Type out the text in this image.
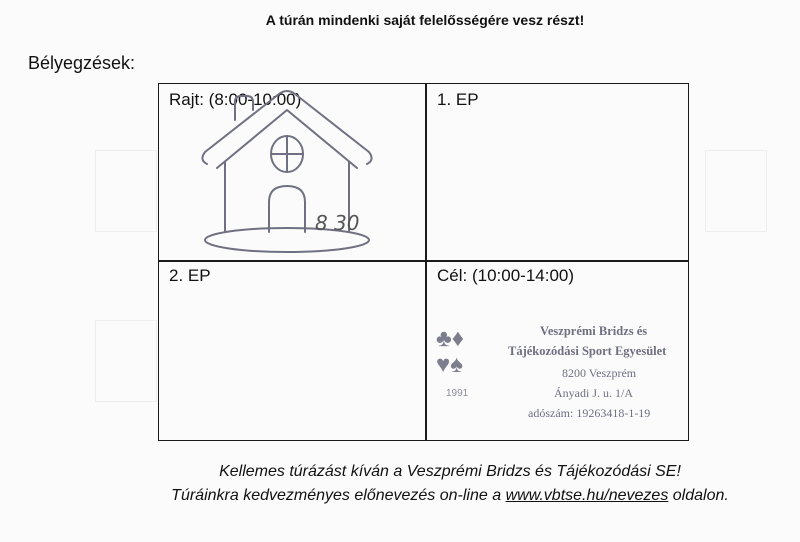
A túrán mindenki saját felelősségére vesz részt!
Bélyegzések:
Rajt: (8:00-10:00)
8 30
1. EP
2. EP	Cél: (10:00-14:00)
♣♦
♥♠
1991
Veszprémi Bridzs és
Tájékozódási Sport Egyesület
8200 Veszprém
Ányadi J. u. 1/A
adószám: 19263418-1-19
Kellemes túrázást kíván a Veszprémi Bridzs és Tájékozódási SE!
Túráinkra kedvezményes előnevezés on-line a www.vbtse.hu/nevezes oldalon.
